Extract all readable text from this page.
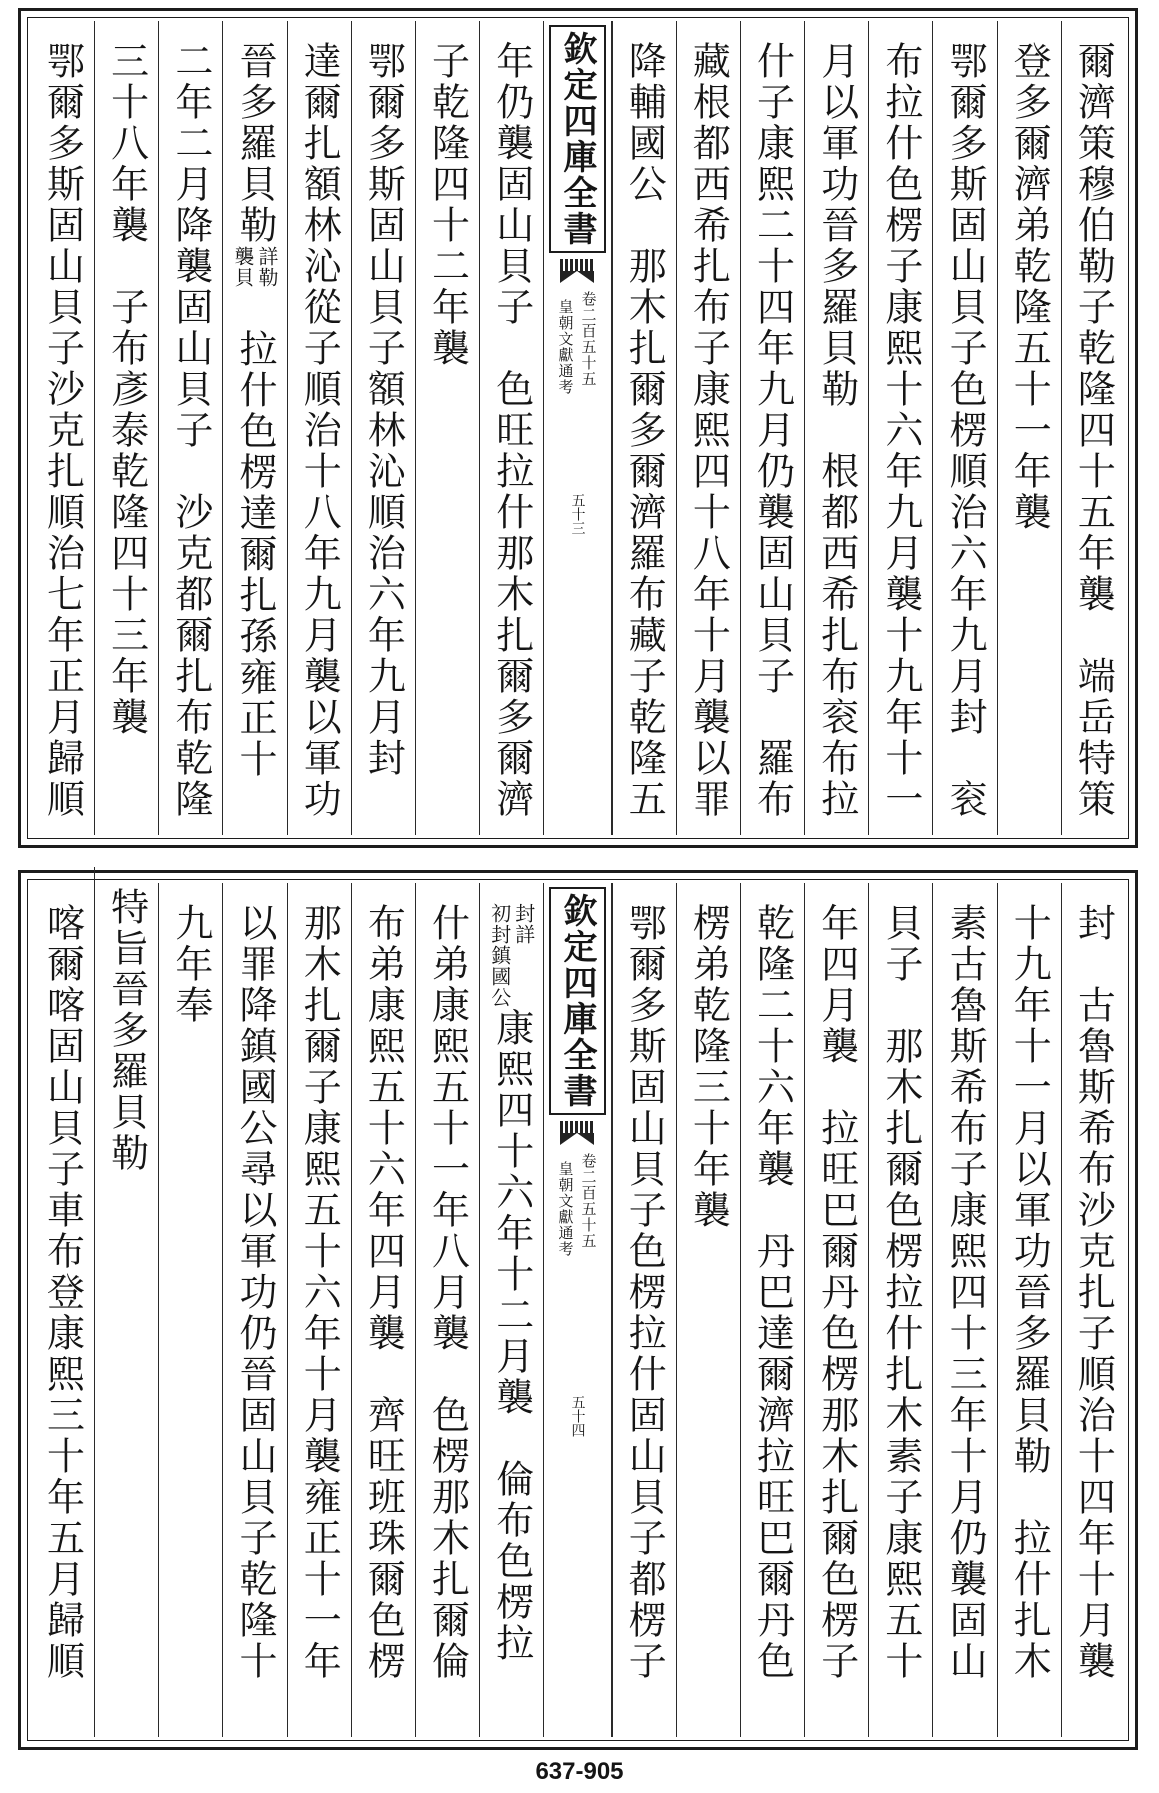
爾濟策穆伯勒子乾隆四十五年襲　端岳特策
登多爾濟弟乾隆五十一年襲
鄂爾多斯固山貝子色楞順治六年九月封　衮
布拉什色楞子康熙十六年九月襲十九年十一
月以軍功晉多羅貝勒　根都西希扎布衮布拉
什子康熙二十四年九月仍襲固山貝子　羅布
藏根都西希扎布子康熙四十八年十月襲以罪
降輔國公　那木扎爾多爾濟羅布藏子乾隆五
欽定四庫全書
皇朝文獻通考 卷二百五十五
五十三
年仍襲固山貝子　色旺拉什那木扎爾多爾濟
子乾隆四十二年襲
鄂爾多斯固山貝子額林沁順治六年九月封
達爾扎額林沁從子順治十八年九月襲以軍功
晉多羅貝勒
襲貝 詳勒
　拉什色楞達爾扎孫雍正十
二年二月降襲固山貝子　沙克都爾扎布乾隆
三十八年襲　子布彥泰乾隆四十三年襲
鄂爾多斯固山貝子沙克扎順治七年正月歸順
封　古魯斯希布沙克扎子順治十四年十月襲
十九年十一月以軍功晉多羅貝勒　拉什扎木
素古魯斯希布子康熙四十三年十月仍襲固山
貝子　那木扎爾色楞拉什扎木素子康熙五十
年四月襲　拉旺巴爾丹色楞那木扎爾色楞子
乾隆二十六年襲　丹巴達爾濟拉旺巴爾丹色
楞弟乾隆三十年襲
鄂爾多斯固山貝子色楞拉什固山貝子都楞子
欽定四庫全書
皇朝文獻通考 卷二百五十五
五十四
初封鎮國公 封詳
康熙四十六年十二月襲　倫布色楞拉
什弟康熙五十一年八月襲　色楞那木扎爾倫
布弟康熙五十六年四月襲　齊旺班珠爾色楞
那木扎爾子康熙五十六年十月襲雍正十一年
以罪降鎮國公尋以軍功仍晉固山貝子乾隆十
九年奉
特旨晉多羅貝勒
喀爾喀固山貝子車布登康熙三十年五月歸順
637-905
